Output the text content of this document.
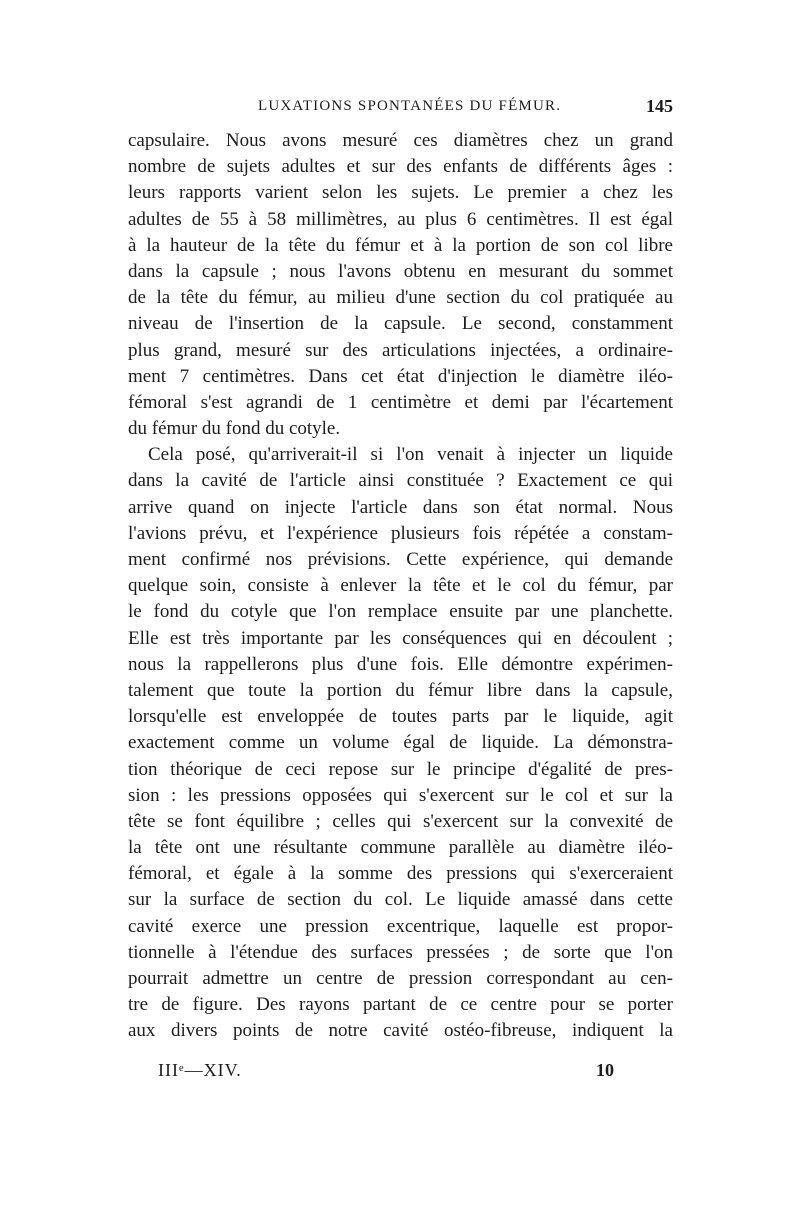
LUXATIONS SPONTANÉES DU FÉMUR.	145
capsulaire. Nous avons mesuré ces diamètres chez un grand
nombre de sujets adultes et sur des enfants de différents âges :
leurs rapports varient selon les sujets. Le premier a chez les
adultes de 55 à 58 millimètres, au plus 6 centimètres. Il est égal
à la hauteur de la tête du fémur et à la portion de son col libre
dans la capsule ; nous l'avons obtenu en mesurant du sommet
de la tête du fémur, au milieu d'une section du col pratiquée au
niveau de l'insertion de la capsule. Le second, constamment
plus grand, mesuré sur des articulations injectées, a ordinaire-
ment 7 centimètres. Dans cet état d'injection le diamètre iléo-
fémoral s'est agrandi de 1 centimètre et demi par l'écartement
du fémur du fond du cotyle.
Cela posé, qu'arriverait-il si l'on venait à injecter un liquide
dans la cavité de l'article ainsi constituée ? Exactement ce qui
arrive quand on injecte l'article dans son état normal. Nous
l'avions prévu, et l'expérience plusieurs fois répétée a constam-
ment confirmé nos prévisions. Cette expérience, qui demande
quelque soin, consiste à enlever la tête et le col du fémur, par
le fond du cotyle que l'on remplace ensuite par une planchette.
Elle est très importante par les conséquences qui en découlent ;
nous la rappellerons plus d'une fois. Elle démontre expérimen-
talement que toute la portion du fémur libre dans la capsule,
lorsqu'elle est enveloppée de toutes parts par le liquide, agit
exactement comme un volume égal de liquide. La démonstra-
tion théorique de ceci repose sur le principe d'égalité de pres-
sion : les pressions opposées qui s'exercent sur le col et sur la
tête se font équilibre ; celles qui s'exercent sur la convexité de
la tête ont une résultante commune parallèle au diamètre iléo-
fémoral, et égale à la somme des pressions qui s'exerceraient
sur la surface de section du col. Le liquide amassé dans cette
cavité exerce une pression excentrique, laquelle est propor-
tionnelle à l'étendue des surfaces pressées ; de sorte que l'on
pourrait admettre un centre de pression correspondant au cen-
tre de figure. Des rayons partant de ce centre pour se porter
aux divers points de notre cavité ostéo-fibreuse, indiquent la
IIIᵉ—XIV.	10
